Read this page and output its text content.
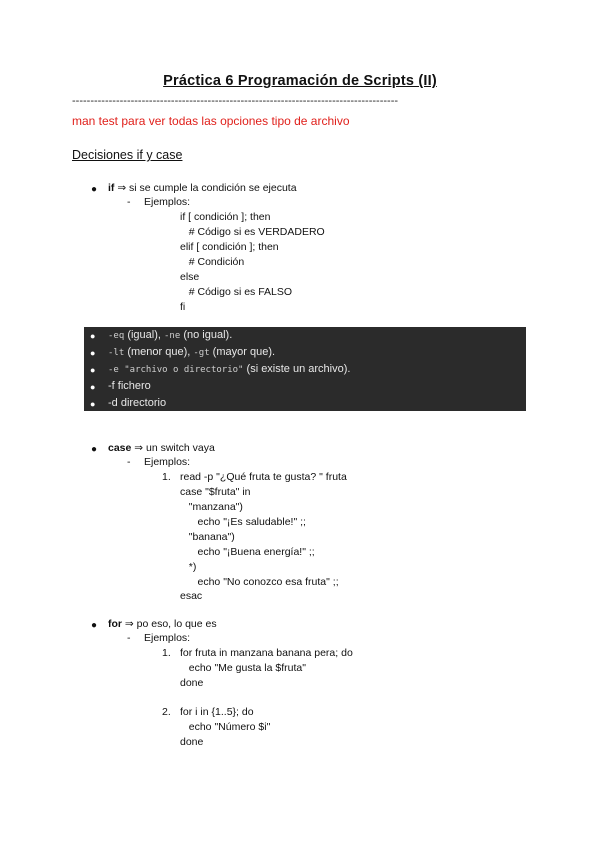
Práctica 6 Programación de Scripts (II)
-----------------------------------------------------------------------------------------
man test para ver todas las opciones tipo de archivo
Decisiones if y case
● if ⇒ si se cumple la condición se ejecuta
- Ejemplos:
if [ condición ]; then
# Código si es VERDADERO
elif [ condición ]; then
# Condición
else
# Código si es FALSO
fi
● -eq (igual), -ne (no igual).
● -lt (menor que), -gt (mayor que).
● -e "archivo o directorio" (si existe un archivo).
● -f fichero
● -d directorio
● case ⇒ un switch vaya
- Ejemplos:
1. read -p "¿Qué fruta te gusta? " fruta
case "$fruta" in
"manzana")
echo "¡Es saludable!" ;;
"banana")
echo "¡Buena energía!" ;;
*)
echo "No conozco esa fruta" ;;
esac
● for ⇒ po eso, lo que es
- Ejemplos:
1. for fruta in manzana banana pera; do
echo "Me gusta la $fruta"
done
2. for i in {1..5}; do
echo "Número $i"
done
